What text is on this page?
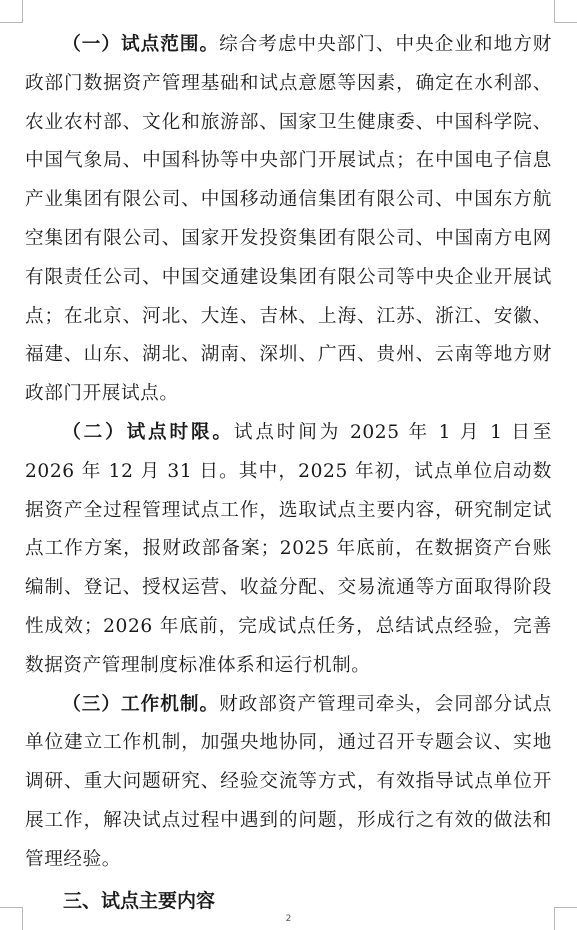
（一）试点范围。综合考虑中央部门、中央企业和地方财政部门数据资产管理基础和试点意愿等因素，确定在水利部、农业农村部、文化和旅游部、国家卫生健康委、中国科学院、中国气象局、中国科协等中央部门开展试点；在中国电子信息产业集团有限公司、中国移动通信集团有限公司、中国东方航空集团有限公司、国家开发投资集团有限公司、中国南方电网有限责任公司、中国交通建设集团有限公司等中央企业开展试点；在北京、河北、大连、吉林、上海、江苏、浙江、安徽、福建、山东、湖北、湖南、深圳、广西、贵州、云南等地方财政部门开展试点。

（二）试点时限。试点时间为 2025 年 1 月 1 日至 2026 年 12 月 31 日。其中，2025 年初，试点单位启动数据资产全过程管理试点工作，选取试点主要内容，研究制定试点工作方案，报财政部备案；2025 年底前，在数据资产台账编制、登记、授权运营、收益分配、交易流通等方面取得阶段性成效；2026 年底前，完成试点任务，总结试点经验，完善数据资产管理制度标准体系和运行机制。

（三）工作机制。财政部资产管理司牵头，会同部分试点单位建立工作机制，加强央地协同，通过召开专题会议、实地调研、重大问题研究、经验交流等方式，有效指导试点单位开展工作，解决试点过程中遇到的问题，形成行之有效的做法和管理经验。

三、试点主要内容
2
